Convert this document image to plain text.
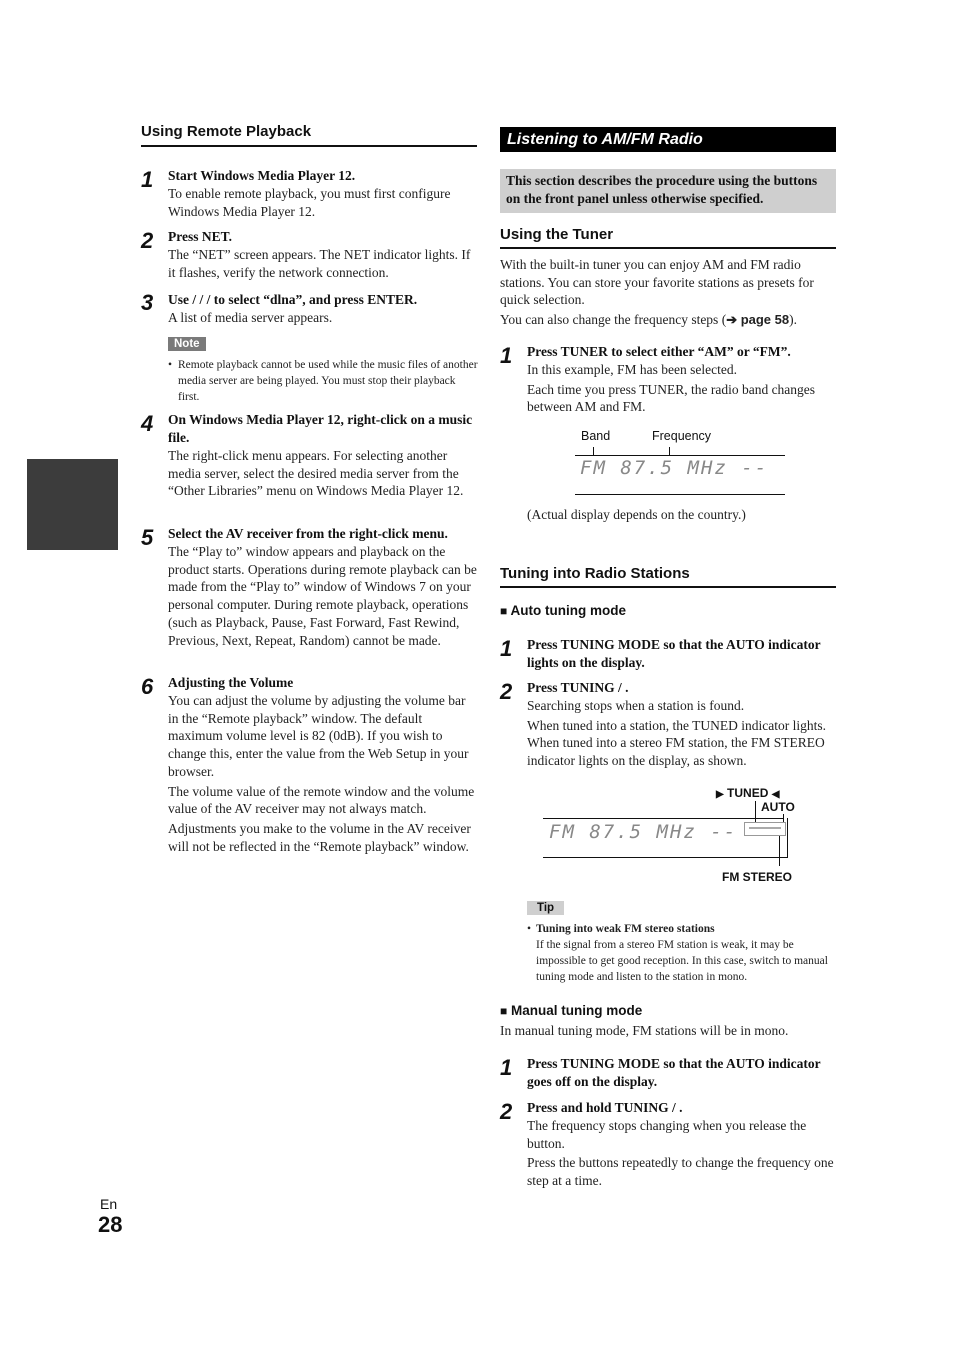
Using Remote Playback
1 Start Windows Media Player 12.
To enable remote playback, you must first configure Windows Media Player 12.
2 Press NET.
The “NET” screen appears. The NET indicator lights. If it flashes, verify the network connection.
3 Use / / / to select “dlna”, and press ENTER.
A list of media server appears.
Note
• Remote playback cannot be used while the music files of another media server are being played. You must stop their playback first.
4 On Windows Media Player 12, right-click on a music file.
The right-click menu appears. For selecting another media server, select the desired media server from the “Other Libraries” menu on Windows Media Player 12.
5 Select the AV receiver from the right-click menu.
The “Play to” window appears and playback on the product starts. Operations during remote playback can be made from the “Play to” window of Windows 7 on your personal computer. During remote playback, operations (such as Playback, Pause, Fast Forward, Fast Rewind, Previous, Next, Repeat, Random) cannot be made.
6 Adjusting the Volume
You can adjust the volume by adjusting the volume bar in the “Remote playback” window. The default maximum volume level is 82 (0dB). If you wish to change this, enter the value from the Web Setup in your browser.
The volume value of the remote window and the volume value of the AV receiver may not always match.
Adjustments you make to the volume in the AV receiver will not be reflected in the “Remote playback” window.
Listening to AM/FM Radio
This section describes the procedure using the buttons on the front panel unless otherwise specified.
Using the Tuner

With the built-in tuner you can enjoy AM and FM radio stations. You can store your favorite stations as presets for quick selection.

You can also change the frequency steps (➔ page 58).

1 Press TUNER to select either “AM” or “FM”.
In this example, FM has been selected.
Each time you press TUNER, the radio band changes between AM and FM.
Band	Frequency
FM 87.5 MHz --
(Actual display depends on the country.)
Tuning into Radio Stations
■ Auto tuning mode
1 Press TUNING MODE so that the AUTO indicator lights on the display.
2 Press TUNING / .
Searching stops when a station is found.
When tuned into a station, the TUNED indicator lights. When tuned into a stereo FM station, the FM STEREO indicator lights on the display, as shown.
▶ TUNED ◀
AUTO
FM 87.5 MHz --
FM STEREO
Tip
• Tuning into weak FM stereo stations
If the signal from a stereo FM station is weak, it may be impossible to get good reception. In this case, switch to manual tuning mode and listen to the station in mono.
■ Manual tuning mode
In manual tuning mode, FM stations will be in mono.
1 Press TUNING MODE so that the AUTO indicator goes off on the display.
2 Press and hold TUNING / .
The frequency stops changing when you release the button.
Press the buttons repeatedly to change the frequency one step at a time.
En
28
